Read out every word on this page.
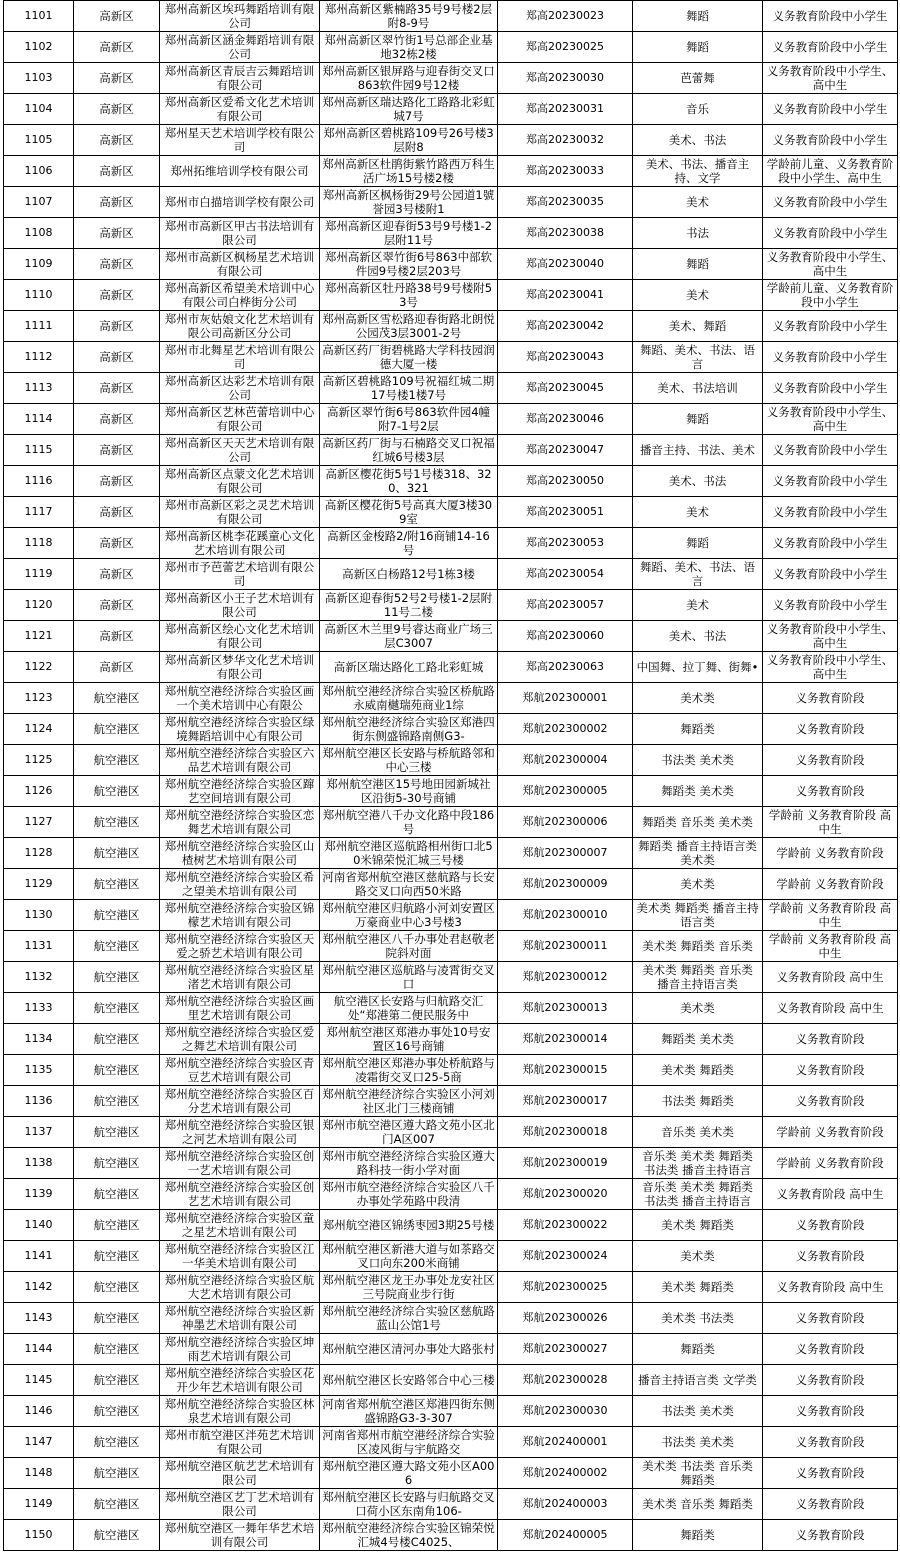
1101	高新区	郑州高新区埃玛舞蹈培训有限公司	郑州高新区紫楠路35号9号楼2层附8-9号	郑高20230023	舞蹈	义务教育阶段中小学生
1102	高新区	郑州高新区涵金舞蹈培训有限公司	郑州高新区翠竹街1号总部企业基地32栋2楼	郑高20230025	舞蹈	义务教育阶段中小学生
1103	高新区	郑州高新区青辰吉云舞蹈培训有限公司	郑州高新区银屏路与迎春街交叉口863软件园9号12楼	郑高20230030	芭蕾舞	义务教育阶段中小学生、高中生
1104	高新区	郑州高新区爱希文化艺术培训有限公司	郑州高新区瑞达路化工路路北彩虹城7号	郑高20230031	音乐	义务教育阶段中小学生
1105	高新区	郑州星天艺术培训学校有限公司	郑州高新区碧桃路109号26号楼3层附8	郑高20230032	美术、书法	义务教育阶段中小学生
1106	高新区	郑州拓维培训学校有限公司	郑州高新区杜鹃街紫竹路西万科生活广场15号楼2楼	郑高20230033	美术、书法、播音主持、文学	学龄前儿童、义务教育阶段中小学生、高中生
1107	高新区	郑州市白描培训学校有限公司	郑州高新区枫杨街29号公园道1號誉园3号楼附1	郑高20230035	美术	义务教育阶段中小学生
1108	高新区	郑州市高新区甲古书法培训有限公司	郑州高新区迎春街53号9号楼1-2层附11号	郑高20230038	书法	义务教育阶段中小学生
1109	高新区	郑州市高新区枫杨星艺术培训有限公司	郑州高新区翠竹街6号863中部软件园9号楼2层203号	郑高20230040	舞蹈	义务教育阶段中小学生、高中生
1110	高新区	郑州高新区希望美术培训中心有限公司白桦街分公司	郑州高新区牡丹路38号9号楼附53号	郑高20230041	美术	学龄前儿童、义务教育阶段中小学生
1111	高新区	郑州市灰姑娘文化艺术培训有限公司高新区分公司	郑州高新区雪松路迎春街路北朗悦公园茂3层3001-2号	郑高20230042	美术、舞蹈	义务教育阶段中小学生
1112	高新区	郑州市北舞星艺术培训有限公司	高新区药厂街碧桃路大学科技园润德大厦一楼	郑高20230043	舞蹈、美术、书法、语言	义务教育阶段中小学生
1113	高新区	郑州高新区达彩艺术培训有限公司	高新区碧桃路109号祝福红城二期17号楼1楼7号	郑高20230045	美术、书法培训	义务教育阶段中小学生
1114	高新区	郑州高新区艺林芭蕾培训中心有限公司	高新区翠竹街6号863软件园4幢附7-1号2层	郑高20230046	舞蹈	义务教育阶段中小学生、高中生
1115	高新区	郑州高新区天天艺术培训有限公司	高新区药厂街与石楠路交叉口祝福红城6号楼3层	郑高20230047	播音主持、书法、美术	义务教育阶段中小学生
1116	高新区	郑州高新区点蒙文化艺术培训有限公司	高新区樱花街5号1号楼318、320、321	郑高20230050	美术、书法	义务教育阶段中小学生
1117	高新区	郑州市高新区彩之灵艺术培训有限公司	高新区樱花街5号高真大厦3楼309室	郑高20230051	美术	义务教育阶段中小学生
1118	高新区	郑州高新区桃李花蹊童心文化艺术培训有限公司	高新区金梭路2/附16商铺14-16号	郑高20230053	舞蹈	义务教育阶段中小学生
1119	高新区	郑州市予芭蕾艺术培训有限公司	高新区白杨路12号1栋3楼	郑高20230054	舞蹈、美术、书法、语言	义务教育阶段中小学生
1120	高新区	郑州高新区小王子艺术培训有限公司	高新区迎春街52号2号楼1-2层附11号二楼	郑高20230057	美术	义务教育阶段中小学生
1121	高新区	郑州高新区绘心文化艺术培训有限公司	高新区木兰里9号睿达商业广场三层C3007	郑高20230060	美术、书法	义务教育阶段中小学生、高中生
1122	高新区	郑州高新区梦华文化艺术培训有限公司	高新区瑞达路化工路北彩虹城	郑高20230063	中国舞、拉丁舞、街舞•	义务教育阶段中小学生、高中生
1123	航空港区	郑州航空港经济综合实验区画一个美术培训中心有限公	郑州航空港经济综合实验区桥航路永威南樾瑞苑商业1综	郑航202300001	美术类	义务教育阶段
1124	航空港区	郑州航空港经济综合实验区绿境舞蹈培训中心有限公司	郑州航空港经济综合实验区郑港四街东侧盛锦路南侧G3-	郑航202300002	舞蹈类	义务教育阶段
1125	航空港区	郑州航空港经济综合实验区六品艺术培训有限公司	郑州航空港区长安路与桥航路邻和中心三楼	郑航202300004	书法类 美术类	义务教育阶段
1126	航空港区	郑州航空港经济综合实验区蹿艺空间培训有限公司	郑州航空港区15号地田园新城社区沿街5-30号商铺	郑航202300005	舞蹈类 美术类	义务教育阶段
1127	航空港区	郑州航空港经济综合实验区恋舞艺术培训有限公司	郑州航空港八千办文化路中段186号	郑航202300006	舞蹈类 音乐类 美术类	学龄前 义务教育阶段 高中生
1128	航空港区	郑州航空港经济综合实验区山楂树艺术培训有限公司	郑州航空港区巡航路相州街口北50米锦荣悦汇城三号楼	郑航202300007	舞蹈类 播音主持语言类 美术类	学龄前 义务教育阶段
1129	航空港区	郑州航空港经济综合实验区希之望美术培训有限公司	河南省郑州航空港区慈航路与长安路交叉口向西50米路	郑航202300009	美术类	学龄前 义务教育阶段
1130	航空港区	郑州航空港经济综合实验区锦檬艺术培训有限公司	郑州航空港区归航路小河刘安置区万豪商业中心3号楼3	郑航202300010	美术类 舞蹈类 播音主持语言类	学龄前 义务教育阶段 高中生
1131	航空港区	郑州航空港经济综合实验区天爱之骄艺术培训有限公司	郑州航空港区八千办事处君赵敬老院斜对面	郑航202300011	美术类 舞蹈类 音乐类	学龄前 义务教育阶段 高中生
1132	航空港区	郑州航空港经济综合实验区星渚艺术培训有限公司	郑州航空港区巡航路与凌霄街交叉口	郑航202300012	美术类 舞蹈类 音乐类 播音主持语言类	义务教育阶段 高中生
1133	航空港区	郑州航空港经济综合实验区画里艺术培训有限公司	航空港区长安路与归航路交汇处“郑港第二便民服务中	郑航202300013	美术类	义务教育阶段 高中生
1134	航空港区	郑州航空港经济综合实验区爱之舞艺术培训有限公司	郑州航空港区郑港办事处10号安置区16号商铺	郑航202300014	舞蹈类 美术类	义务教育阶段
1135	航空港区	郑州航空港经济综合实验区青豆艺术培训有限公司	郑州航空港区郑港办事处桥航路与凌霜街交叉口25-5商	郑航202300015	美术类 舞蹈类	义务教育阶段
1136	航空港区	郑州航空港经济综合实验区百分艺术培训有限公司	郑州航空港经济综合实验区小河刘社区北门三楼商铺	郑航202300017	书法类 舞蹈类	义务教育阶段
1137	航空港区	郑州航空港经济综合实验区银之河艺术培训有限公司	郑州市航空港区遵大路文苑小区北门A区007	郑航202300018	音乐类 美术类	学龄前 义务教育阶段
1138	航空港区	郑州航空港经济综合实验区创一艺术培训有限公司	郑州市航空港经济综合实验区遵大路科技一街小学对面	郑航202300019	音乐类 美术类 舞蹈类 书法类 播音主持语言	学龄前 义务教育阶段
1139	航空港区	郑州航空港经济综合实验区创艺艺术培训有限公司	郑州市航空港经济综合实验区八千办事处学苑路中段清	郑航202300020	音乐类 美术类 舞蹈类 书法类 播音主持语言	义务教育阶段 高中生
1140	航空港区	郑州航空港经济综合实验区童之星艺术培训有限公司	郑州航空港区锦绣枣园3期25号楼	郑航202300022	美术类 舞蹈类	义务教育阶段
1141	航空港区	郑州航空港经济综合实验区江一华美术培训有限公司	郑州航空港区新港大道与如茶路交叉口向东200米商铺	郑航202300024	美术类	义务教育阶段
1142	航空港区	郑州航空港经济综合实验区航大艺术培训有限公司	郑州航空港区龙王办事处龙安社区三号院商业步行街	郑航202300025	美术类 舞蹈类	义务教育阶段 高中生
1143	航空港区	郑州航空港经济综合实验区新神墨艺术培训有限公司	郑州航空港经济综合实验区慈航路蓝山公馆1号	郑航202300026	美术类 书法类	义务教育阶段
1144	航空港区	郑州航空港经济综合实验区坤雨艺术培训有限公司	郑州航空港区清河办事处大路张村	郑航202300027	舞蹈类	义务教育阶段
1145	航空港区	郑州航空港经济综合实验区花开少年艺术培训有限公司	郑州航空港区长安路邻合中心三楼	郑航202300028	播音主持语言类 文学类	义务教育阶段
1146	航空港区	郑州航空港经济综合实验区林泉艺术培训有限公司	河南省郑州航空港区郑港四街东侧盛锦路G3-3-307	郑航202300030	书法类 美术类	义务教育阶段
1147	航空港区	郑州市航空港区泮苑艺术培训有限公司	河南省郑州市航空港经济综合实验区凌风街与宇航路交	郑航202400001	书法类 美术类	义务教育阶段
1148	航空港区	郑州航空港区航艺艺术培训有限公司	郑州航空港区遵大路文苑小区A006	郑航202400002	美术类 书法类 音乐类 舞蹈类	义务教育阶段
1149	航空港区	郑州航空港区艺丁艺术培训有限公司	郑州航空港区长安路与归航路交叉口荷小区东南角106-	郑航202400003	美术类 音乐类 舞蹈类	义务教育阶段
1150	航空港区	郑州航空港区一舞年华艺术培训有限公司	郑州航空港经济综合实验区锦荣悦汇城4号楼C4025、	郑航202400005	舞蹈类	义务教育阶段
